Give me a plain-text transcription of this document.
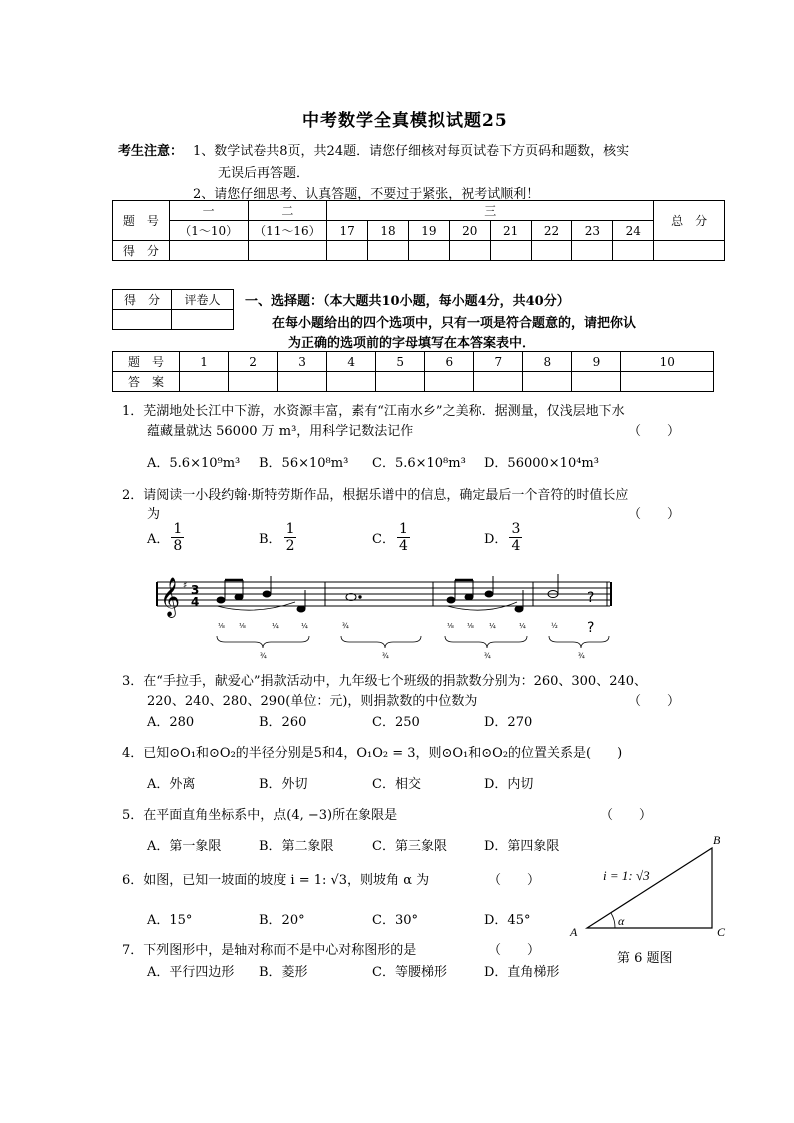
中考数学全真模拟试题25
考生注意： 1、数学试卷共8页，共24题．请您仔细核对每页试卷下方页码和题数，核实
无误后再答题．
2、请您仔细思考、认真答题，不要过于紧张，祝考试顺利！
题　号	一	二	三								总　分
	（1～10）	（11～16）	17	18	19	20	21	22	23	24	
得　分											
得　分	评卷人
	一、选择题：（本大题共10小题，每小题4分，共40分）
在每小题给出的四个选项中，只有一项是符合题意的，请把你认
为正确的选项前的字母填写在本答案表中．
题　号	1	2	3	4	5	6	7	8	9	10
答　案										
1．芜湖地处长江中下游，水资源丰富，素有“江南水乡”之美称．据测量，仅浅层地下水
蕴藏量就达 56000 万 m³，用科学记数法记作	（　　）
A．5.6×10⁹m³ B．56×10⁸m³ C．5.6×10⁸m³ D．56000×10⁴m³
2．请阅读一小段约翰·斯特劳斯作品，根据乐谱中的信息，确定最后一个音符的时值长应
为	（　　）
A． $\frac{1}{8}$	B． $\frac{1}{2}$	C． $\frac{1}{4}$	D． $\frac{3}{4}$
𝄞 ♯ 3
4	?
?
⅛ ⅛	¼	¼	¾	⅛ ⅛ ¼	¼	½
¾	¾	¾	¾
3．在“手拉手，献爱心”捐款活动中，九年级七个班级的捐款数分别为：260、300、240、
220、240、280、290(单位：元)，则捐款数的中位数为	（　　）
A．280	B．260	C．250	D．270
4．已知⊙O₁和⊙O₂的半径分别是5和4，O₁O₂ = 3，则⊙O₁和⊙O₂的位置关系是(　　)
A．外离	B．外切	C．相交	D．内切
5．在平面直角坐标系中，点(4, −3)所在象限是	（　　）
A．第一象限	B．第二象限	C．第三象限	D．第四象限
6．如图，已知一坡面的坡度 i = 1: √3，则坡角 α 为	（　　）
A．15°	B．20°	C．30°	D．45°
i = 1: √3
B
A	C
α
第 6 题图
7．下列图形中，是轴对称而不是中心对称图形的是	（　　）
A．平行四边形 B．菱形	C．等腰梯形	D．直角梯形
